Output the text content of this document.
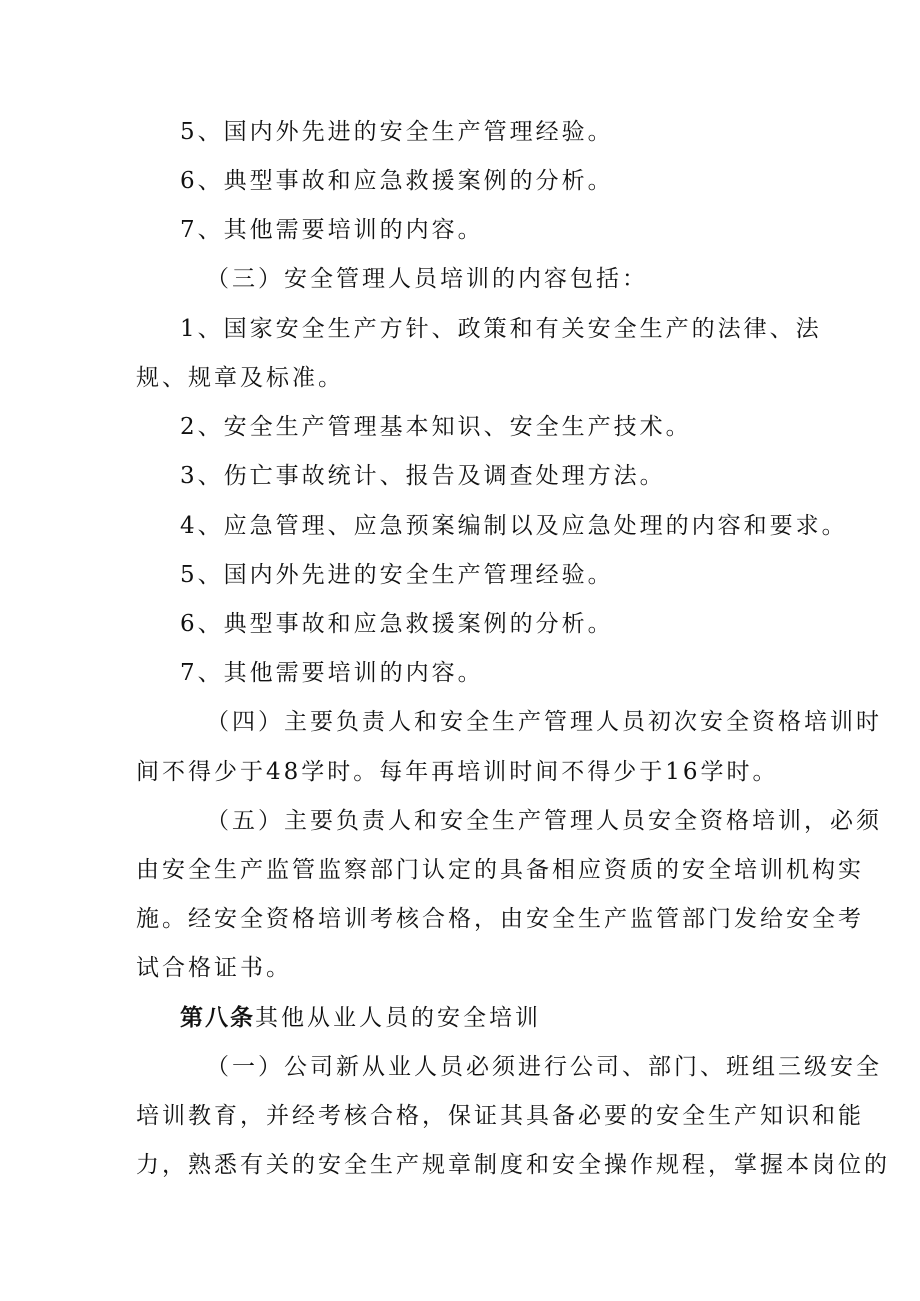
5、国内外先进的安全生产管理经验。
6、典型事故和应急救援案例的分析。
7、其他需要培训的内容。
（三）安全管理人员培训的内容包括：
1、国家安全生产方针、政策和有关安全生产的法律、法
规、规章及标准。
2、安全生产管理基本知识、安全生产技术。
3、伤亡事故统计、报告及调查处理方法。
4、应急管理、应急预案编制以及应急处理的内容和要求。
5、国内外先进的安全生产管理经验。
6、典型事故和应急救援案例的分析。
7、其他需要培训的内容。
（四）主要负责人和安全生产管理人员初次安全资格培训时
间不得少于48学时。每年再培训时间不得少于16学时。
（五）主要负责人和安全生产管理人员安全资格培训，必须
由安全生产监管监察部门认定的具备相应资质的安全培训机构实
施。经安全资格培训考核合格，由安全生产监管部门发给安全考
试合格证书。
第八条其他从业人员的安全培训
（一）公司新从业人员必须进行公司、部门、班组三级安全
培训教育，并经考核合格，保证其具备必要的安全生产知识和能
力，熟悉有关的安全生产规章制度和安全操作规程，掌握本岗位的
